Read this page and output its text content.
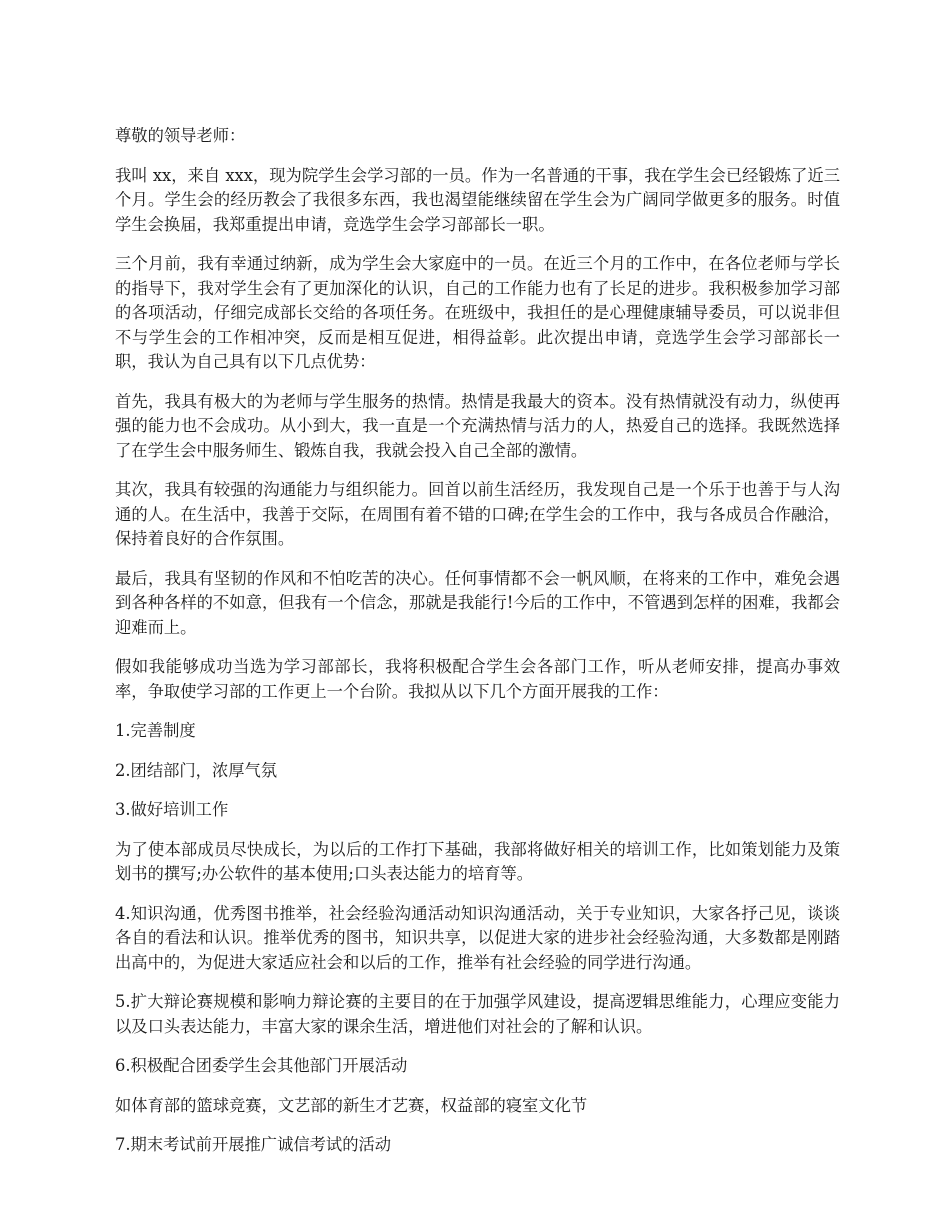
尊敬的领导老师：

我叫 xx，来自 xxx，现为院学生会学习部的一员。作为一名普通的干事，我在学生会已经锻炼了近三个月。学生会的经历教会了我很多东西，我也渴望能继续留在学生会为广阔同学做更多的服务。时值学生会换届，我郑重提出申请，竞选学生会学习部部长一职。

三个月前，我有幸通过纳新，成为学生会大家庭中的一员。在近三个月的工作中，在各位老师与学长的指导下，我对学生会有了更加深化的认识，自己的工作能力也有了长足的进步。我积极参加学习部的各项活动，仔细完成部长交给的各项任务。在班级中，我担任的是心理健康辅导委员，可以说非但不与学生会的工作相冲突，反而是相互促进，相得益彰。此次提出申请，竞选学生会学习部部长一职，我认为自己具有以下几点优势：

首先，我具有极大的为老师与学生服务的热情。热情是我最大的资本。没有热情就没有动力，纵使再强的能力也不会成功。从小到大，我一直是一个充满热情与活力的人，热爱自己的选择。我既然选择了在学生会中服务师生、锻炼自我，我就会投入自己全部的激情。

其次，我具有较强的沟通能力与组织能力。回首以前生活经历，我发现自己是一个乐于也善于与人沟通的人。在生活中，我善于交际，在周围有着不错的口碑;在学生会的工作中，我与各成员合作融洽，保持着良好的合作氛围。

最后，我具有坚韧的作风和不怕吃苦的决心。任何事情都不会一帆风顺，在将来的工作中，难免会遇到各种各样的不如意，但我有一个信念，那就是我能行!今后的工作中，不管遇到怎样的困难，我都会迎难而上。

假如我能够成功当选为学习部部长，我将积极配合学生会各部门工作，听从老师安排，提高办事效率，争取使学习部的工作更上一个台阶。我拟从以下几个方面开展我的工作：

1.完善制度

2.团结部门，浓厚气氛

3.做好培训工作

为了使本部成员尽快成长，为以后的工作打下基础，我部将做好相关的培训工作，比如策划能力及策划书的撰写;办公软件的基本使用;口头表达能力的培育等。

4.知识沟通，优秀图书推举，社会经验沟通活动知识沟通活动，关于专业知识，大家各抒己见，谈谈各自的看法和认识。推举优秀的图书，知识共享，以促进大家的进步社会经验沟通，大多数都是刚踏出高中的，为促进大家适应社会和以后的工作，推举有社会经验的同学进行沟通。

5.扩大辩论赛规模和影响力辩论赛的主要目的在于加强学风建设，提高逻辑思维能力，心理应变能力以及口头表达能力，丰富大家的课余生活，增进他们对社会的了解和认识。

6.积极配合团委学生会其他部门开展活动

如体育部的篮球竞赛，文艺部的新生才艺赛，权益部的寝室文化节

7.期末考试前开展推广诚信考试的活动
